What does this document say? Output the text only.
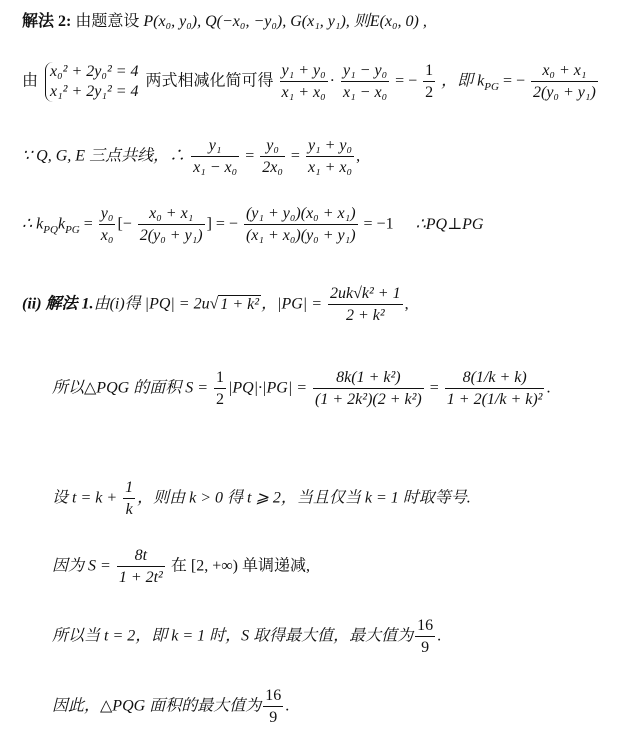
解法 2: 由题意设 P(x₀, y₀), Q(−x₀, −y₀), G(x₁, y₁), 则E(x₀, 0) ,
由
x₀² + 2y₀² = 4
x₁² + 2y₁² = 4
两式相减化简可得 $\frac{\text{y₁ + y₀}}{\text{x₁ + x₀}} \cdot \frac{\text{y₁ − y₀}}{\text{x₁ − x₀}}$ = − $\frac{1}{2}$ ，即 $k_{PG}$ = − $\frac{\text{x₀ + x₁}}{\text{2(y₀ + y₁)}}$
∵ Q, G, E 三点共线，∴ $\frac{\text{y₁}}{\text{x₁ − x₀}} = \frac{\text{y₀}}{\text{2x₀}} = \frac{\text{y₁ + y₀}}{\text{x₁ + x₀}}$ ,
∴ $k_{PQ}k_{PG} = \frac{\text{y₀}}{\text{x₀}}$ [− $\frac{\text{x₀ + x₁}}{\text{2(y₀ + y₁)}}$ ] = − $\frac{\text{(y₁ + y₀)(x₀ + x₁)}}{\text{(x₁ + x₀)(y₀ + y₁)}} = -1$ ∴PQ⊥PG
(ii) 解法 1.由(i)得 |PQ| = 2u√ 1 + k² ，$|PG| = \frac{\text{2uk√k² + 1}}{\text{2 + k²}}$ ,
所以△PQG 的面积 $S = \frac{1}{2} |PQ|\cdot|PG| = \frac{\text{8k(1 + k²)}}{\text{(1 + 2k²)(2 + k²)}} = \frac{8(1/k + k)}{\text{1 + 2(1/k + k)²}}$ .
设 $t = k + \frac{1}{k}$ ，则由 k > 0 得 t ⩾ 2，当且仅当 k = 1 时取等号.
因为 $S = \frac{8t}{\text{1 + 2t²}}$ 在 [2, +∞) 单调递减,
所以当 t = 2，即 k = 1 时，S 取得最大值，最大值为 $\frac{16}{9}$ .
因此，△PQG 面积的最大值为 $\frac{16}{9}$ .
